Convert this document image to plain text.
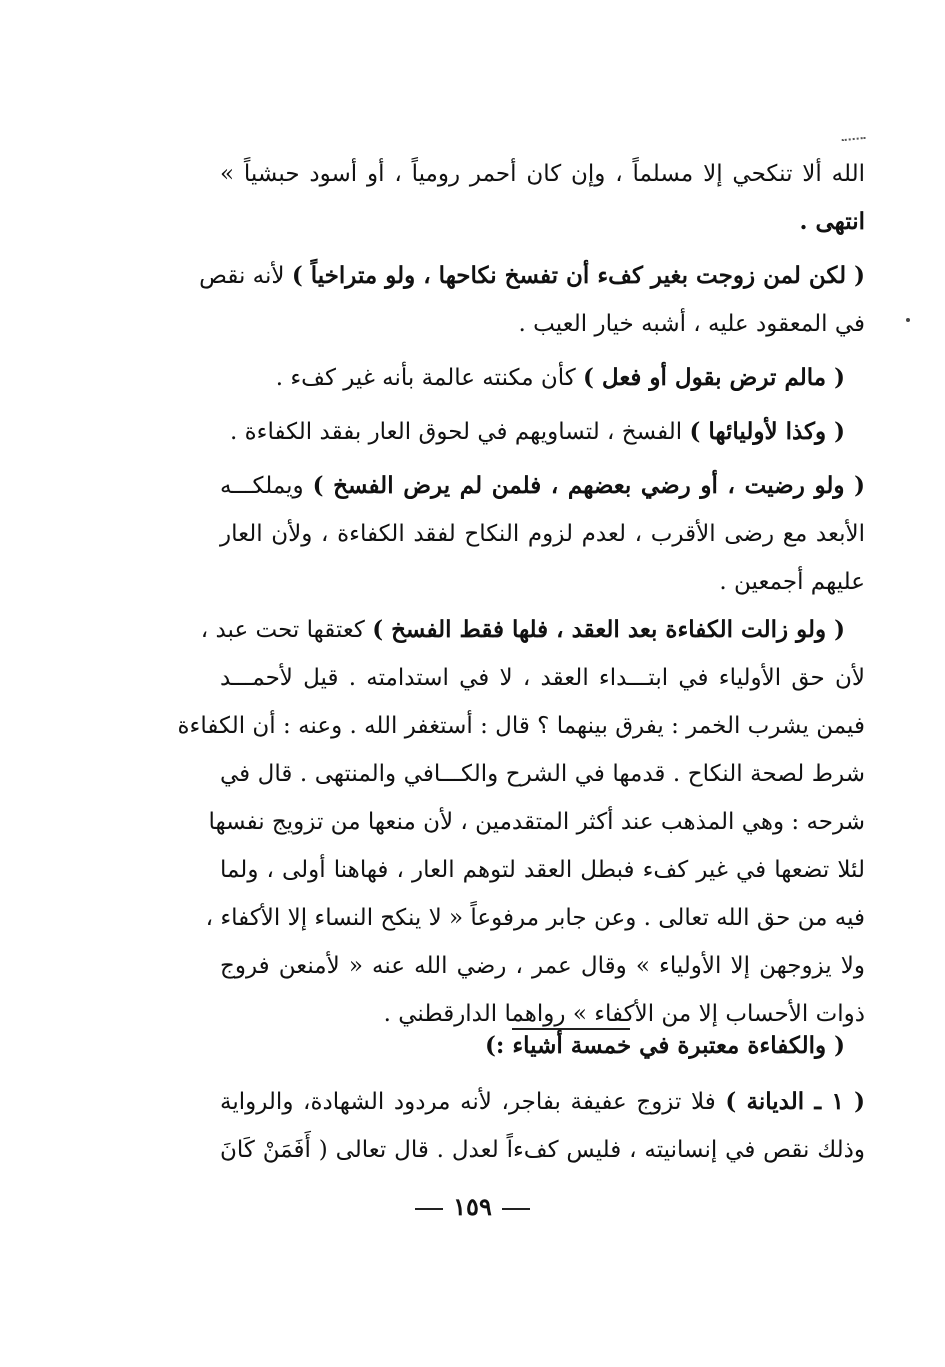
الله ألا تنكحي إلا مسلماً ، وإن كان أحمر رومياً ، أو أسود حبشياً »
انتهى .
( لكن لمن زوجت بغير كفء أن تفسخ نكاحها ، ولو متراخياً ) لأنه نقص
في المعقود عليه ، أشبه خيار العيب .
( مالم ترض بقول أو فعل ) كأن مكنته عالمة بأنه غير كفء .
( وكذا لأوليائها ) الفسخ ، لتساويهم في لحوق العار بفقد الكفاءة .
( ولو رضيت ، أو رضي بعضهم ، فلمن لم يرض الفسخ ) ويملكـــه
الأبعد مع رضى الأقرب ، لعدم لزوم النكاح لفقد الكفاءة ، ولأن العار
عليهم أجمعين .
( ولو زالت الكفاءة بعد العقد ، فلها فقط الفسخ ) كعتقها تحت عبد ،
لأن حق الأولياء في ابتـــداء العقد ، لا في استدامته . قيل لأحمـــد
فيمن يشرب الخمر : يفرق بينهما ؟ قال : أستغفر الله . وعنه : أن الكفاءة
شرط لصحة النكاح . قدمها في الشرح والكـــافي والمنتهى . قال في
شرحه : وهي المذهب عند أكثر المتقدمين ، لأن منعها من تزويج نفسها
لئلا تضعها في غير كفء فبطل العقد لتوهم العار ، فهاهنا أولى ، ولما
فيه من حق الله تعالى . وعن جابر مرفوعاً « لا ينكح النساء إلا الأكفاء ،
ولا يزوجهن إلا الأولياء » وقال عمر ، رضي الله عنه « لأمنعن فروج
ذوات الأحساب إلا من الأكفاء » رواهما الدارقطني .
( والكفاءة معتبرة في خمسة أشياء :)
( ١ ـ الديانة ) فلا تزوج عفيفة بفاجر، لأنه مردود الشهادة، والرواية
وذلك نقص في إنسانيته ، فليس كفءاً لعدل . قال تعالى ( أَفَمَنْ كَانَ
١٥٩
